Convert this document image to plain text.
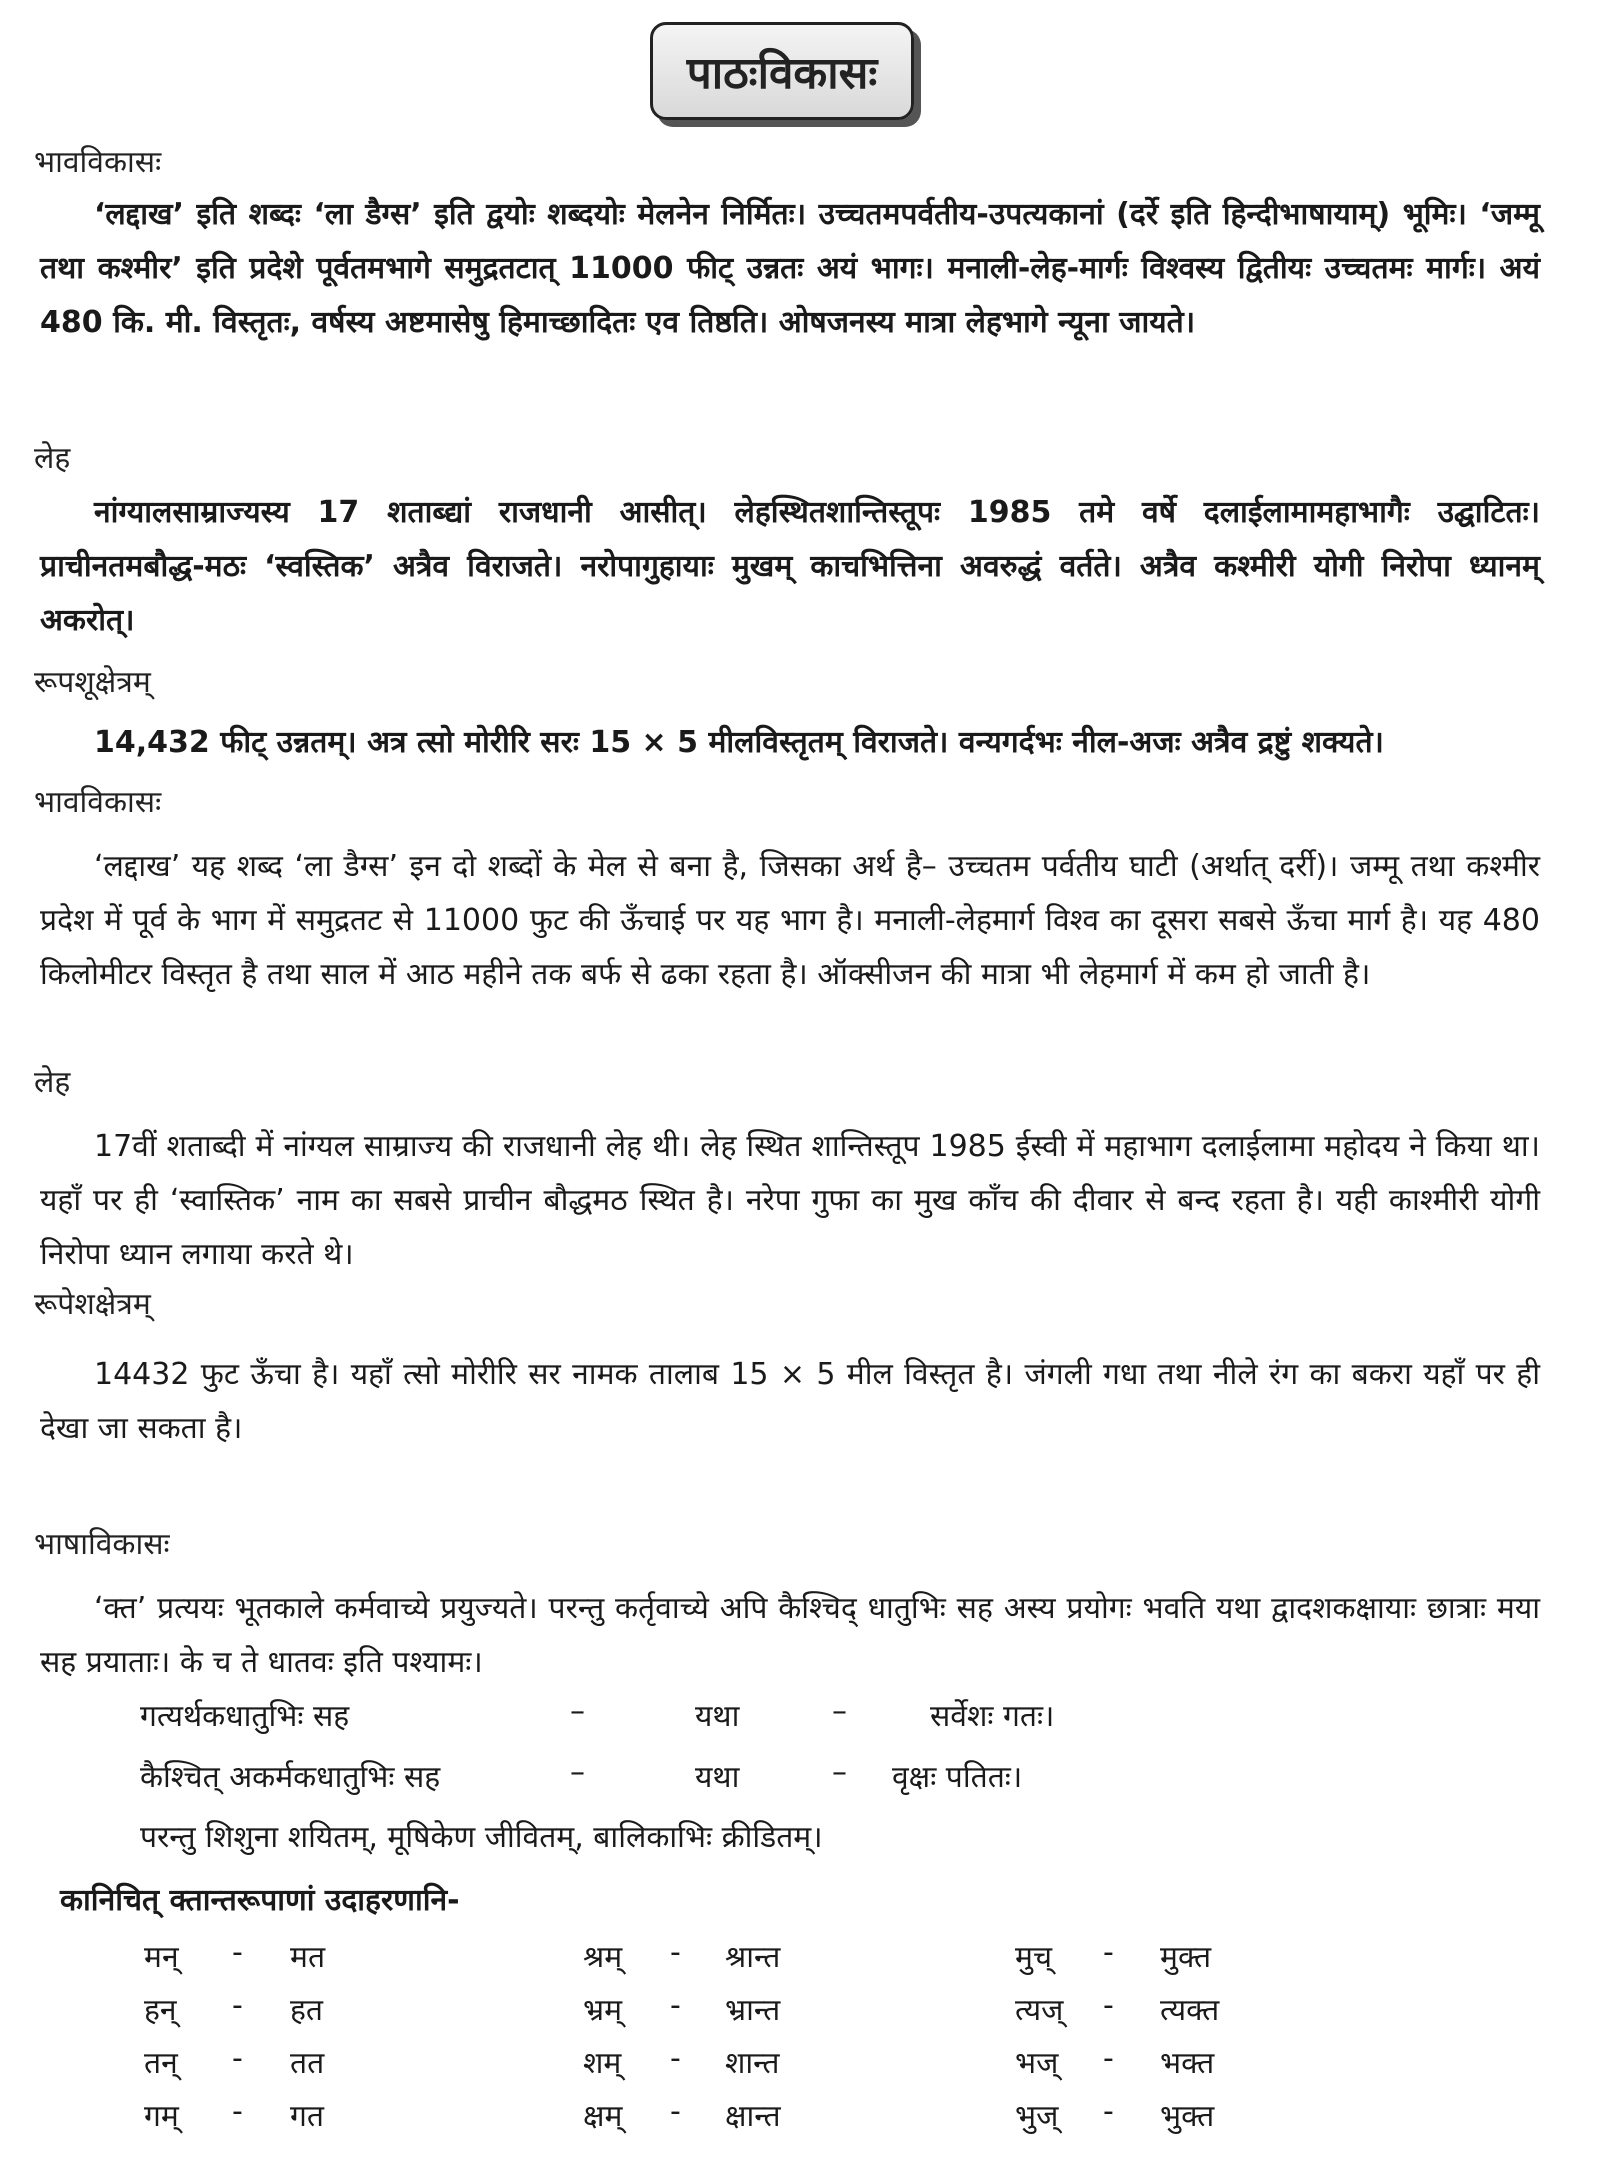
पाठःविकासः
भावविकासः
‘लद्दाख’ इति शब्दः ‘ला डैग्स’ इति द्वयोः शब्दयोः मेलनेन निर्मितः। उच्चतमपर्वतीय-उपत्यकानां (दर्रे इति हिन्दीभाषायाम्) भूमिः। ‘जम्मू तथा कश्मीर’ इति प्रदेशे पूर्वतमभागे समुद्रतटात् 11000 फीट् उन्नतः अयं भागः। मनाली-लेह-मार्गः विश्वस्य द्वितीयः उच्चतमः मार्गः। अयं 480 कि. मी. विस्तृतः, वर्षस्य अष्टमासेषु हिमाच्छादितः एव तिष्ठति। ओषजनस्य मात्रा लेहभागे न्यूना जायते।
लेह
नांग्यालसाम्राज्यस्य 17 शताब्द्यां राजधानी आसीत्। लेहस्थितशान्तिस्तूपः 1985 तमे वर्षे दलाईलामामहाभागैः उद्घाटितः। प्राचीनतमबौद्ध-मठः ‘स्वस्तिक’ अत्रैव विराजते। नरोपागुहायाः मुखम् काचभित्तिना अवरुद्धं वर्तते। अत्रैव कश्मीरी योगी निरोपा ध्यानम् अकरोत्।
रूपशूक्षेत्रम्
14,432 फीट् उन्नतम्। अत्र त्सो मोरीरि सरः 15 × 5 मीलविस्तृतम् विराजते। वन्यगर्दभः नील-अजः अत्रैव द्रष्टुं शक्यते।
भावविकासः
‘लद्दाख’ यह शब्द ‘ला डैग्स’ इन दो शब्दों के मेल से बना है, जिसका अर्थ है– उच्चतम पर्वतीय घाटी (अर्थात् दर्री)। जम्मू तथा कश्मीर प्रदेश में पूर्व के भाग में समुद्रतट से 11000 फुट की ऊँचाई पर यह भाग है। मनाली-लेहमार्ग विश्व का दूसरा सबसे ऊँचा मार्ग है। यह 480 किलोमीटर विस्तृत है तथा साल में आठ महीने तक बर्फ से ढका रहता है। ऑक्सीजन की मात्रा भी लेहमार्ग में कम हो जाती है।
लेह
17वीं शताब्दी में नांग्यल साम्राज्य की राजधानी लेह थी। लेह स्थित शान्तिस्तूप 1985 ईस्वी में महाभाग दलाईलामा महोदय ने किया था। यहाँ पर ही ‘स्वास्तिक’ नाम का सबसे प्राचीन बौद्धमठ स्थित है। नरेपा गुफा का मुख काँच की दीवार से बन्द रहता है। यही काश्मीरी योगी निरोपा ध्यान लगाया करते थे।
रूपेशक्षेत्रम्
14432 फुट ऊँचा है। यहाँ त्सो मोरीरि सर नामक तालाब 15 × 5 मील विस्तृत है। जंगली गधा तथा नीले रंग का बकरा यहाँ पर ही देखा जा सकता है।
भाषाविकासः
‘क्त’ प्रत्ययः भूतकाले कर्मवाच्ये प्रयुज्यते। परन्तु कर्तृवाच्ये अपि कैश्चिद् धातुभिः सह अस्य प्रयोगः भवति यथा द्वादशकक्षायाः छात्राः मया सह प्रयाताः। के च ते धातवः इति पश्यामः।
गत्यर्थकधातुभिः सह	–	यथा	–	सर्वेशः गतः।
कैश्चित् अकर्मकधातुभिः सह	–	यथा	– वृक्षः पतितः।
परन्तु शिशुना शयितम्, मूषिकेण जीवितम्, बालिकाभिः क्रीडितम्।
कानिचित् क्तान्तरूपाणां उदाहरणानि-
मन् - मत	श्रम् - श्रान्त	मुच् - मुक्त
हन् - हत	भ्रम् - भ्रान्त	त्यज् - त्यक्त
तन् - तत	शम् - शान्त	भज् - भक्त
गम् - गत	क्षम् - क्षान्त	भुज् - भुक्त
